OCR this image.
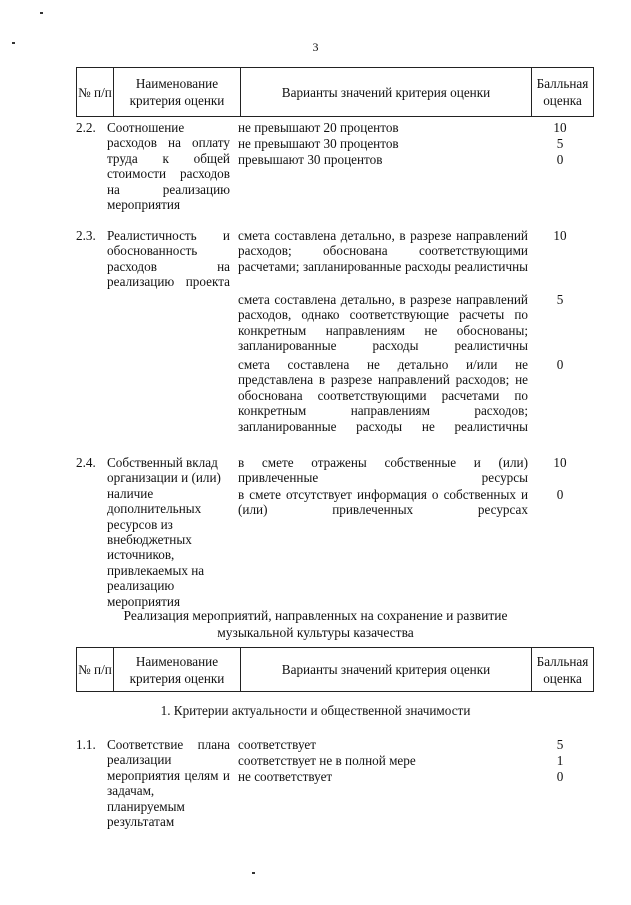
3
№ п/п
Наименование критерия оценки
Варианты значений критерия оценки
Балльная оценка
2.2. Соотношение расходов на оплату труда к общей стоимости расходов на реализацию мероприятия
не превышают 20 процентов
не превышают 30 процентов
превышают 30 процентов
10
5
0
2.3. Реалистичность и обоснованность расходов на реализацию проекта
смета составлена детально, в разрезе направлений расходов; обоснована соответствующими расчетами; запланированные расходы реалистичны
смета составлена детально, в разрезе направлений расходов, однако соответствующие расчеты по конкретным направлениям не обоснованы; запланированные расходы реалистичны
смета составлена не детально и/или не представлена в разрезе направлений расходов; не обоснована соответствующими расчетами по конкретным направлениям расходов; запланированные расходы не реалистичны
10
5
0
2.4. Собственный вклад организации и (или) наличие дополнительных ресурсов из внебюджетных источников, привлекаемых на реализацию мероприятия
в смете отражены собственные и (или) привлеченные ресурсы
в смете отсутствует информация о собственных и (или) привлеченных ресурсах
10
0
Реализация мероприятий, направленных на сохранение и развитие музыкальной культуры казачества
№ п/п
Наименование критерия оценки
Варианты значений критерия оценки
Балльная оценка
1. Критерии актуальности и общественной значимости
1.1. Соответствие плана реализации мероприятия целям и задачам, планируемым результатам
соответствует
соответствует не в полной мере
не соответствует
5
1
0
